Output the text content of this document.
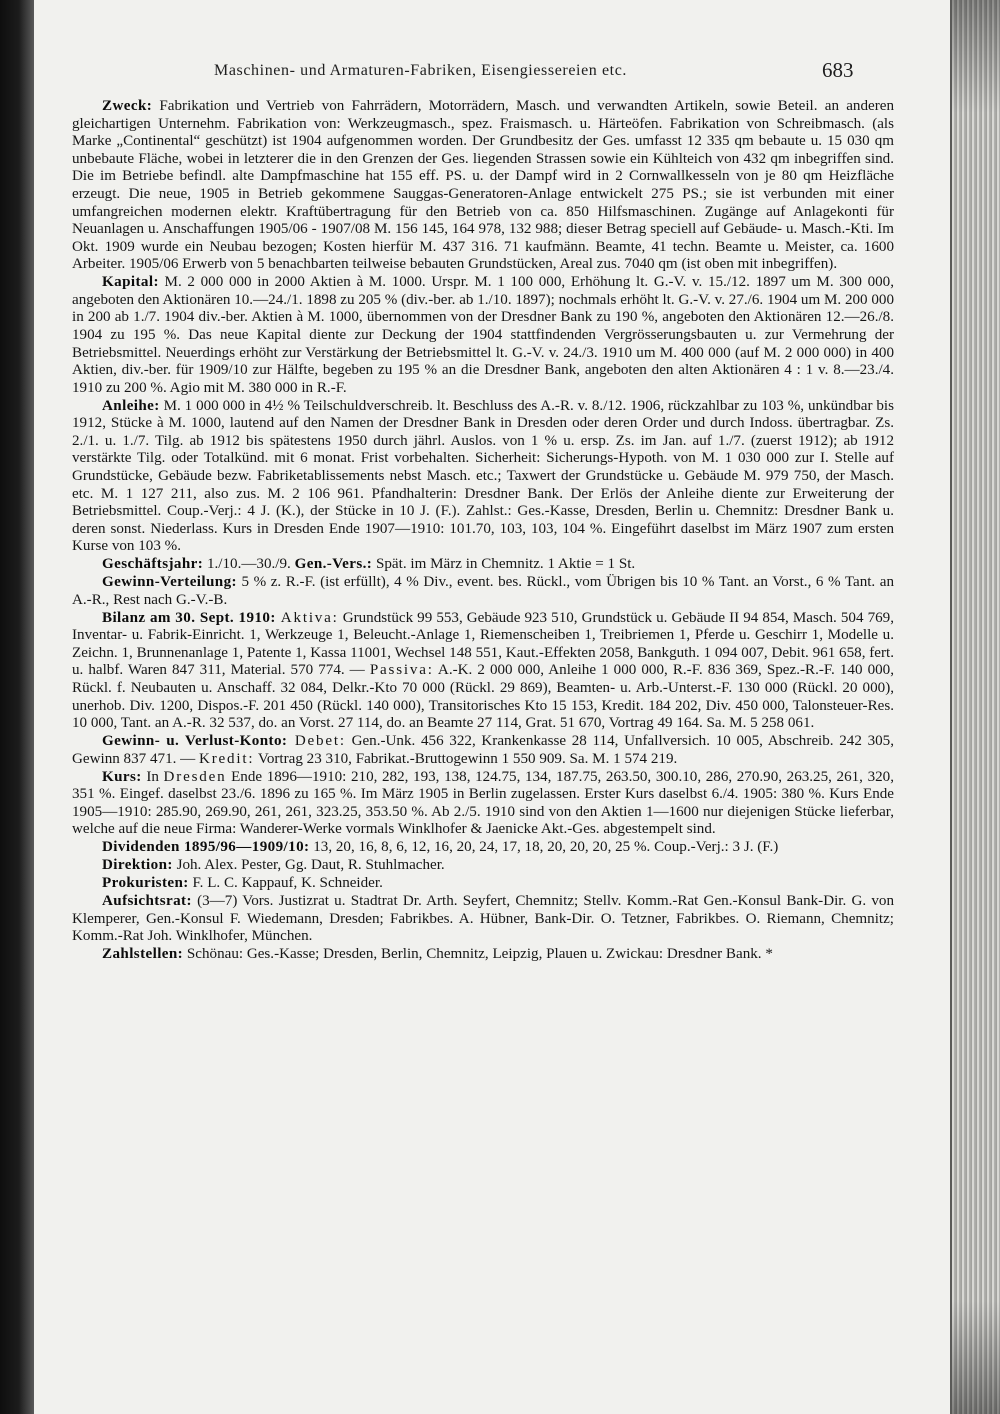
Maschinen- und Armaturen-Fabriken, Eisengiessereien etc.	683

Zweck: Fabrikation und Vertrieb von Fahrrädern, Motorrädern, Masch. und verwandten Artikeln, sowie Beteil. an anderen gleichartigen Unternehm. Fabrikation von: Werkzeugmasch., spez. Fraismasch. u. Härteöfen. Fabrikation von Schreibmasch. (als Marke „Continental“ geschützt) ist 1904 aufgenommen worden. Der Grundbesitz der Ges. umfasst 12 335 qm bebaute u. 15 030 qm unbebaute Fläche, wobei in letzterer die in den Grenzen der Ges. liegenden Strassen sowie ein Kühlteich von 432 qm inbegriffen sind. Die im Betriebe befindl. alte Dampfmaschine hat 155 eff. PS. u. der Dampf wird in 2 Cornwallkesseln von je 80 qm Heizfläche erzeugt. Die neue, 1905 in Betrieb gekommene Sauggas-Generatoren-Anlage entwickelt 275 PS.; sie ist verbunden mit einer umfangreichen modernen elektr. Kraftübertragung für den Betrieb von ca. 850 Hilfsmaschinen. Zugänge auf Anlagekonti für Neuanlagen u. Anschaffungen 1905/06 - 1907/08 M. 156 145, 164 978, 132 988; dieser Betrag speciell auf Gebäude- u. Masch.-Kti. Im Okt. 1909 wurde ein Neubau bezogen; Kosten hierfür M. 437 316. 71 kaufmänn. Beamte, 41 techn. Beamte u. Meister, ca. 1600 Arbeiter. 1905/06 Erwerb von 5 benachbarten teilweise bebauten Grundstücken, Areal zus. 7040 qm (ist oben mit inbegriffen).

Kapital: M. 2 000 000 in 2000 Aktien à M. 1000. Urspr. M. 1 100 000, Erhöhung lt. G.-V. v. 15./12. 1897 um M. 300 000, angeboten den Aktionären 10.—24./1. 1898 zu 205 % (div.-ber. ab 1./10. 1897); nochmals erhöht lt. G.-V. v. 27./6. 1904 um M. 200 000 in 200 ab 1./7. 1904 div.-ber. Aktien à M. 1000, übernommen von der Dresdner Bank zu 190 %, angeboten den Aktionären 12.—26./8. 1904 zu 195 %. Das neue Kapital diente zur Deckung der 1904 stattfindenden Vergrösserungsbauten u. zur Vermehrung der Betriebsmittel. Neuerdings erhöht zur Verstärkung der Betriebsmittel lt. G.-V. v. 24./3. 1910 um M. 400 000 (auf M. 2 000 000) in 400 Aktien, div.-ber. für 1909/10 zur Hälfte, begeben zu 195 % an die Dresdner Bank, angeboten den alten Aktionären 4 : 1 v. 8.—23./4. 1910 zu 200 %. Agio mit M. 380 000 in R.-F.

Anleihe: M. 1 000 000 in 4½ % Teilschuldverschreib. lt. Beschluss des A.-R. v. 8./12. 1906, rückzahlbar zu 103 %, unkündbar bis 1912, Stücke à M. 1000, lautend auf den Namen der Dresdner Bank in Dresden oder deren Order und durch Indoss. übertragbar. Zs. 2./1. u. 1./7. Tilg. ab 1912 bis spätestens 1950 durch jährl. Auslos. von 1 % u. ersp. Zs. im Jan. auf 1./7. (zuerst 1912); ab 1912 verstärkte Tilg. oder Totalkünd. mit 6 monat. Frist vorbehalten. Sicherheit: Sicherungs-Hypoth. von M. 1 030 000 zur I. Stelle auf Grundstücke, Gebäude bezw. Fabriketablissements nebst Masch. etc.; Taxwert der Grundstücke u. Gebäude M. 979 750, der Masch. etc. M. 1 127 211, also zus. M. 2 106 961. Pfandhalterin: Dresdner Bank. Der Erlös der Anleihe diente zur Erweiterung der Betriebsmittel. Coup.-Verj.: 4 J. (K.), der Stücke in 10 J. (F.). Zahlst.: Ges.-Kasse, Dresden, Berlin u. Chemnitz: Dresdner Bank u. deren sonst. Niederlass. Kurs in Dresden Ende 1907—1910: 101.70, 103, 103, 104 %. Eingeführt daselbst im März 1907 zum ersten Kurse von 103 %.

Geschäftsjahr: 1./10.—30./9. Gen.-Vers.: Spät. im März in Chemnitz. 1 Aktie = 1 St.

Gewinn-Verteilung: 5 % z. R.-F. (ist erfüllt), 4 % Div., event. bes. Rückl., vom Übrigen bis 10 % Tant. an Vorst., 6 % Tant. an A.-R., Rest nach G.-V.-B.

Bilanz am 30. Sept. 1910: Aktiva: Grundstück 99 553, Gebäude 923 510, Grundstück u. Gebäude II 94 854, Masch. 504 769, Inventar- u. Fabrik-Einricht. 1, Werkzeuge 1, Beleucht.-Anlage 1, Riemenscheiben 1, Treibriemen 1, Pferde u. Geschirr 1, Modelle u. Zeichn. 1, Brunnenanlage 1, Patente 1, Kassa 11001, Wechsel 148 551, Kaut.-Effekten 2058, Bankguth. 1 094 007, Debit. 961 658, fert. u. halbf. Waren 847 311, Material. 570 774. — Passiva: A.-K. 2 000 000, Anleihe 1 000 000, R.-F. 836 369, Spez.-R.-F. 140 000, Rückl. f. Neubauten u. Anschaff. 32 084, Delkr.-Kto 70 000 (Rückl. 29 869), Beamten- u. Arb.-Unterst.-F. 130 000 (Rückl. 20 000), unerhob. Div. 1200, Dispos.-F. 201 450 (Rückl. 140 000), Transitorisches Kto 15 153, Kredit. 184 202, Div. 450 000, Talonsteuer-Res. 10 000, Tant. an A.-R. 32 537, do. an Vorst. 27 114, do. an Beamte 27 114, Grat. 51 670, Vortrag 49 164. Sa. M. 5 258 061.

Gewinn- u. Verlust-Konto: Debet: Gen.-Unk. 456 322, Krankenkasse 28 114, Unfallversich. 10 005, Abschreib. 242 305, Gewinn 837 471. — Kredit: Vortrag 23 310, Fabrikat.-Bruttogewinn 1 550 909. Sa. M. 1 574 219.

Kurs: In Dresden Ende 1896—1910: 210, 282, 193, 138, 124.75, 134, 187.75, 263.50, 300.10, 286, 270.90, 263.25, 261, 320, 351 %. Eingef. daselbst 23./6. 1896 zu 165 %. Im März 1905 in Berlin zugelassen. Erster Kurs daselbst 6./4. 1905: 380 %. Kurs Ende 1905—1910: 285.90, 269.90, 261, 261, 323.25, 353.50 %. Ab 2./5. 1910 sind von den Aktien 1—1600 nur diejenigen Stücke lieferbar, welche auf die neue Firma: Wanderer-Werke vormals Winklhofer & Jaenicke Akt.-Ges. abgestempelt sind.

Dividenden 1895/96—1909/10: 13, 20, 16, 8, 6, 12, 16, 20, 24, 17, 18, 20, 20, 20, 25 %. Coup.-Verj.: 3 J. (F.)

Direktion: Joh. Alex. Pester, Gg. Daut, R. Stuhlmacher.

Prokuristen: F. L. C. Kappauf, K. Schneider.

Aufsichtsrat: (3—7) Vors. Justizrat u. Stadtrat Dr. Arth. Seyfert, Chemnitz; Stellv. Komm.-Rat Gen.-Konsul Bank-Dir. G. von Klemperer, Gen.-Konsul F. Wiedemann, Dresden; Fabrikbes. A. Hübner, Bank-Dir. O. Tetzner, Fabrikbes. O. Riemann, Chemnitz; Komm.-Rat Joh. Winklhofer, München.

Zahlstellen: Schönau: Ges.-Kasse; Dresden, Berlin, Chemnitz, Leipzig, Plauen u. Zwickau: Dresdner Bank. *
